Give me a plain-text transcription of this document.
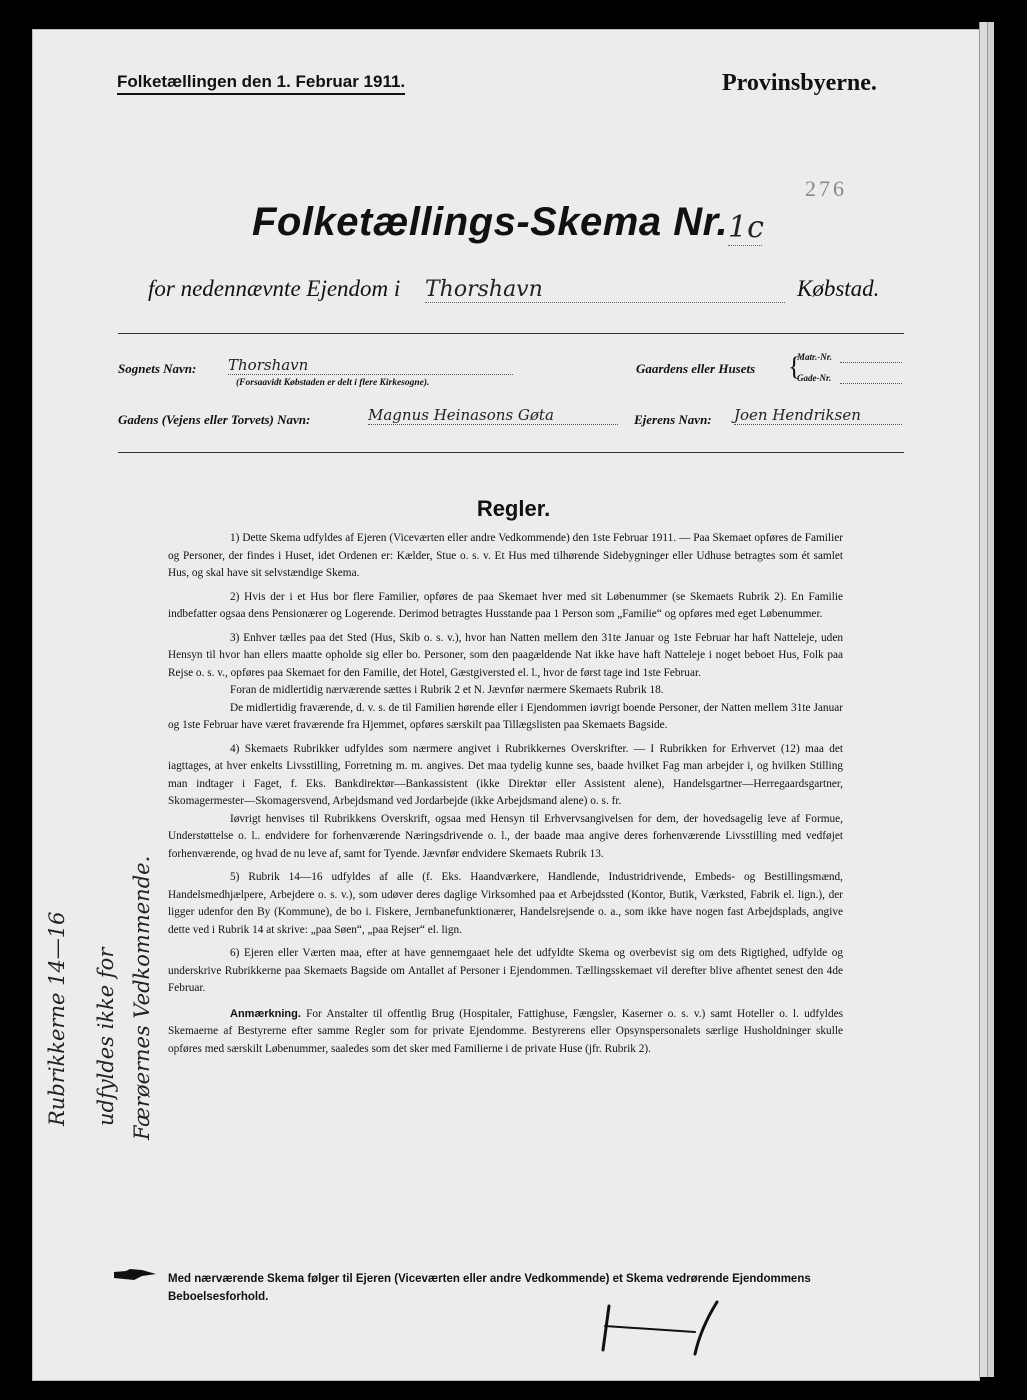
Folketællingen den 1. Februar 1911.	Provinsbyerne.
276
Folketællings-Skema Nr. 1c
for nedennævnte Ejendom i Thorshavn	Købstad.
Sognets Navn: Thorshavn
(Forsaavidt Købstaden er delt i flere Kirkesogne).
Gaardens eller Husets {
Matr.-Nr.
Gade-Nr.
Gadens (Vejens eller Torvets) Navn:	Magnus Heinasons Gøta	Ejerens Navn: Joen Hendriksen
Regler.

1) Dette Skema udfyldes af Ejeren (Viceværten eller andre Vedkommende) den 1ste Februar 1911. — Paa Skemaet opføres de Familier og Personer, der findes i Huset, idet Ordenen er: Kælder, Stue o. s. v. Et Hus med tilhørende Sidebygninger eller Udhuse betragtes som ét samlet Hus, og skal have sit selvstændige Skema.

2) Hvis der i et Hus bor flere Familier, opføres de paa Skemaet hver med sit Løbenummer (se Skemaets Rubrik 2). En Familie indbefatter ogsaa dens Pensionærer og Logerende. Derimod betragtes Husstande paa 1 Person som „Familie“ og opføres med eget Løbenummer.

3) Enhver tælles paa det Sted (Hus, Skib o. s. v.), hvor han Natten mellem den 31te Januar og 1ste Februar har haft Natteleje, uden Hensyn til hvor han ellers maatte opholde sig eller bo. Personer, som den paagældende Nat ikke have haft Natteleje i noget beboet Hus, Folk paa Rejse o. s. v., opføres paa Skemaet for den Familie, det Hotel, Gæstgiversted el. l., hvor de først tage ind 1ste Februar.

Foran de midlertidig nærværende sættes i Rubrik 2 et N. Jævnfør nærmere Skemaets Rubrik 18.

De midlertidig fraværende, d. v. s. de til Familien hørende eller i Ejendommen iøvrigt boende Personer, der Natten mellem 31te Januar og 1ste Februar have været fraværende fra Hjemmet, opføres særskilt paa Tillægslisten paa Skemaets Bagside.

4) Skemaets Rubrikker udfyldes som nærmere angivet i Rubrikkernes Overskrifter. — I Rubrikken for Erhvervet (12) maa det iagttages, at hver enkelts Livsstilling, Forretning m. m. angives. Det maa tydelig kunne ses, baade hvilket Fag man arbejder i, og hvilken Stilling man indtager i Faget, f. Eks. Bankdirektør—Bankassistent (ikke Direktør eller Assistent alene), Handelsgartner—Herregaardsgartner, Skomagermester—Skomagersvend, Arbejdsmand ved Jordarbejde (ikke Arbejdsmand alene) o. s. fr.

Iøvrigt henvises til Rubrikkens Overskrift, ogsaa med Hensyn til Erhvervsangivelsen for dem, der hovedsagelig leve af Formue, Understøttelse o. l.. endvidere for forhenværende Næringsdrivende o. l., der baade maa angive deres forhenværende Livsstilling med vedføjet forhenværende, og hvad de nu leve af, samt for Tyende. Jævnfør endvidere Skemaets Rubrik 13.

5) Rubrik 14—16 udfyldes af alle (f. Eks. Haandværkere, Handlende, Industridrivende, Embeds- og Bestillingsmænd, Handelsmedhjælpere, Arbejdere o. s. v.), som udøver deres daglige Virksomhed paa et Arbejdssted (Kontor, Butik, Værksted, Fabrik el. lign.), der ligger udenfor den By (Kommune), de bo i. Fiskere, Jernbanefunktionærer, Handelsrejsende o. a., som ikke have nogen fast Arbejdsplads, angive dette ved i Rubrik 14 at skrive: „paa Søen“, „paa Rejser“ el. lign.

6) Ejeren eller Værten maa, efter at have gennemgaaet hele det udfyldte Skema og overbevist sig om dets Rigtighed, udfylde og underskrive Rubrikkerne paa Skemaets Bagside om Antallet af Personer i Ejendommen. Tællingsskemaet vil derefter blive afhentet senest den 4de Februar.

Anmærkning. For Anstalter til offentlig Brug (Hospitaler, Fattighuse, Fængsler, Kaserner o. s. v.) samt Hoteller o. l. udfyldes Skemaerne af Bestyrerne efter samme Regler som for private Ejendomme. Bestyrerens eller Opsynspersonalets særlige Husholdninger skulle opføres med særskilt Løbenummer, saaledes som det sker med Familierne i de private Huse (jfr. Rubrik 2).

Rubrikkerne 14—16 udfyldes ikke for Færøernes Vedkommende.
Med nærværende Skema følger til Ejeren (Viceværten eller andre Vedkommende) et Skema vedrørende Ejendommens Beboelsesforhold.
